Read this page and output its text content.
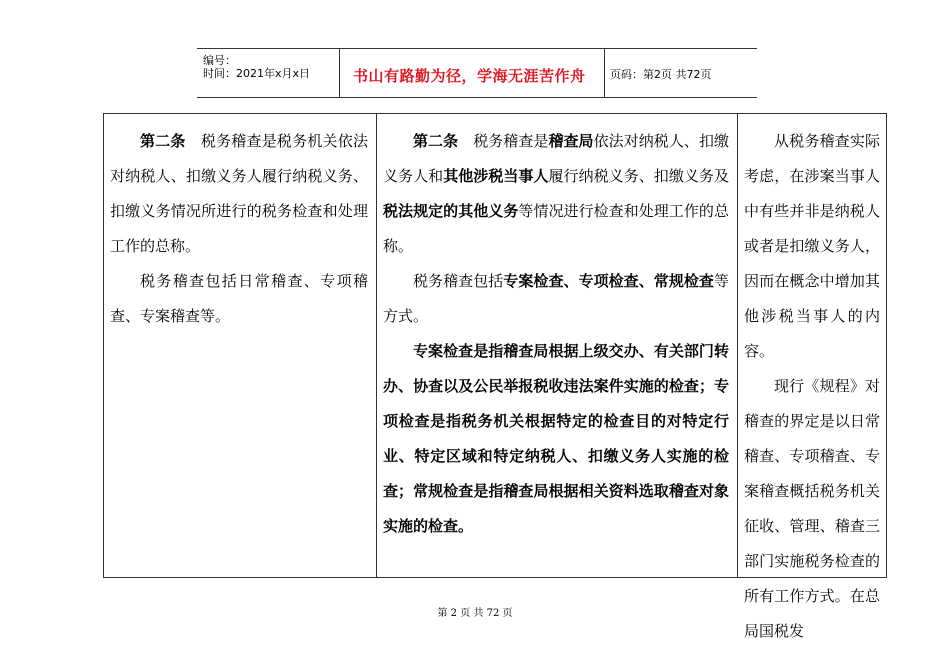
编号：
时间：2021年x月x日	书山有路勤为径，学海无涯苦作舟 页码：第2页 共72页

第二条　税务稽查是税务机关依法对纳税人、扣缴义务人履行纳税义务、扣缴义务情况所进行的税务检查和处理工作的总称。

税务稽查包括日常稽查、专项稽查、专案稽查等。

第二条　税务稽查是稽查局依法对纳税人、扣缴义务人和其他涉税当事人履行纳税义务、扣缴义务及税法规定的其他义务等情况进行检查和处理工作的总称。

税务稽查包括专案检查、专项检查、常规检查等方式。

专案检查是指稽查局根据上级交办、有关部门转办、协查以及公民举报税收违法案件实施的检查；专项检查是指税务机关根据特定的检查目的对特定行业、特定区域和特定纳税人、扣缴义务人实施的检查；常规检查是指稽查局根据相关资料选取稽查对象实施的检查。

从税务稽查实际考虑，在涉案当事人中有些并非是纳税人或者是扣缴义务人，因而在概念中增加其他涉税当事人的内容。

现行《规程》对稽查的界定是以日常稽查、专项稽查、专案稽查概括税务机关征收、管理、稽查三部门实施税务检查的所有工作方式。在总局国税发

第 2 页 共 72 页
